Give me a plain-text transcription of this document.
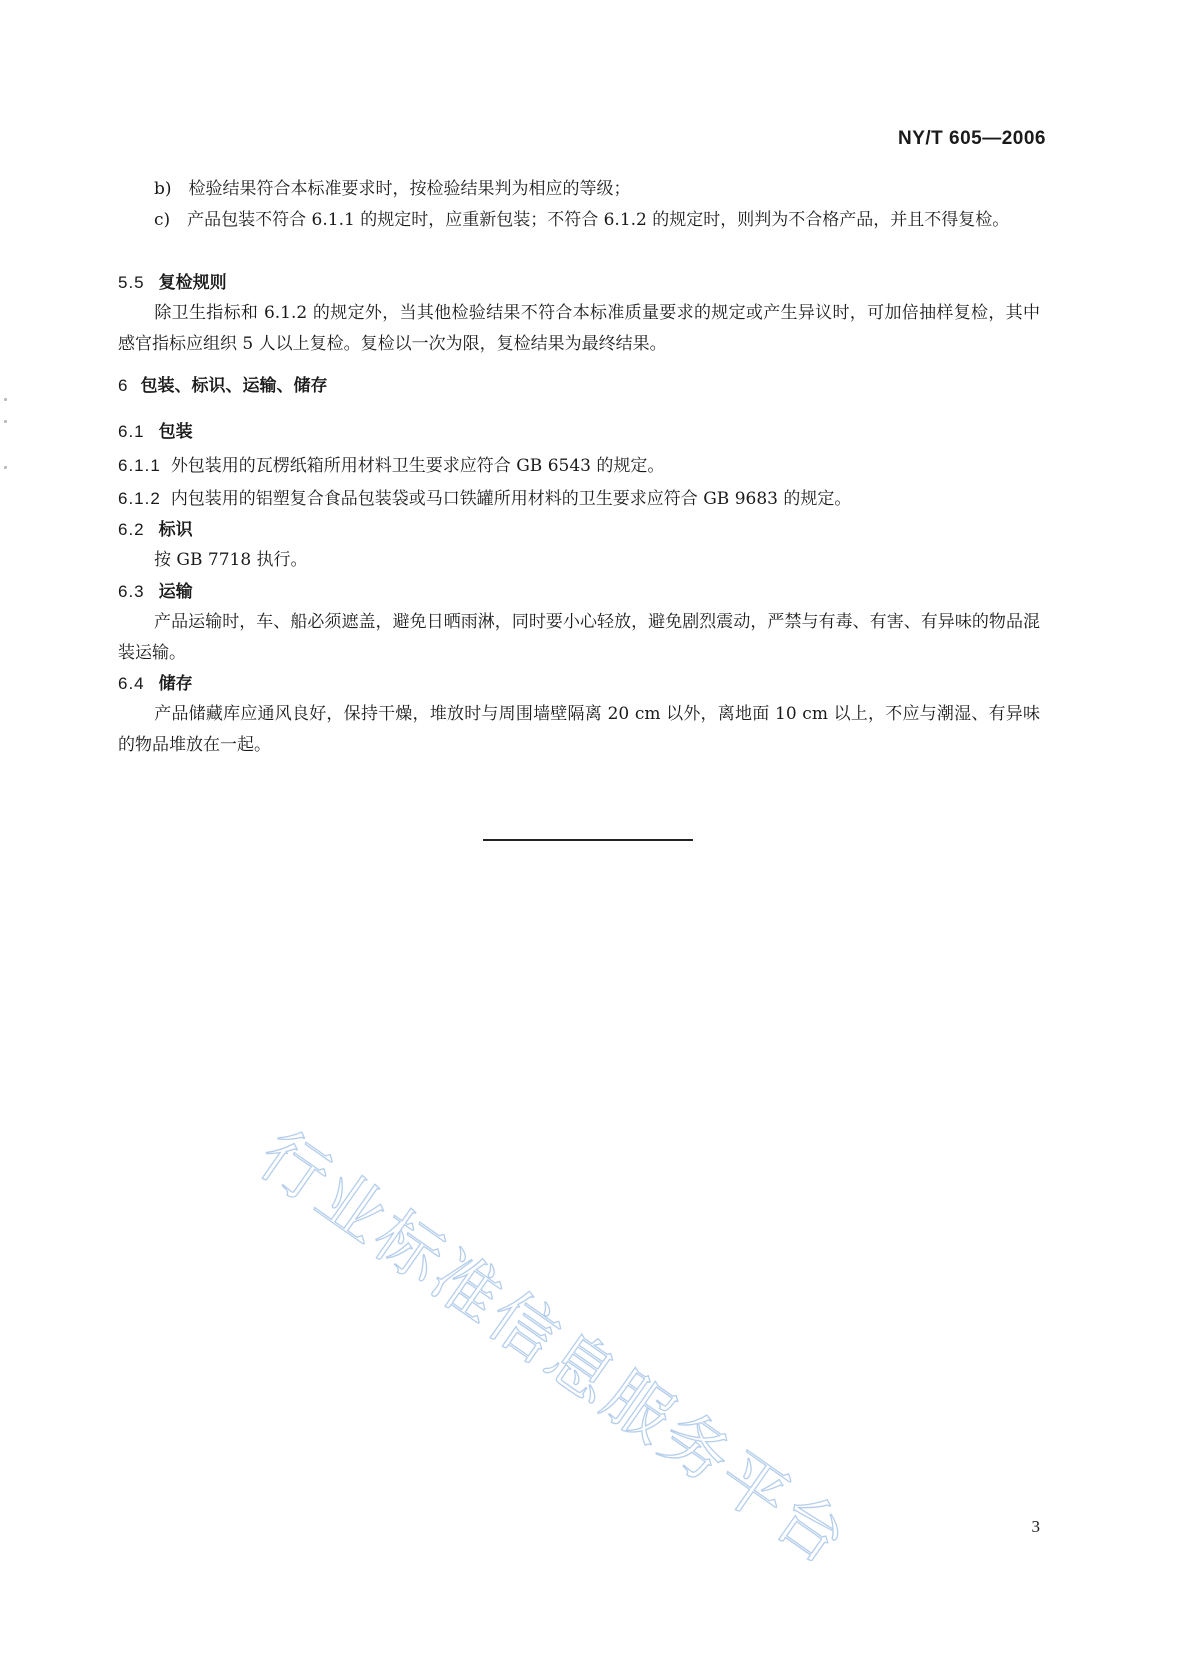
NY/T 605—2006

b)　检验结果符合本标准要求时，按检验结果判为相应的等级；

c)　产品包装不符合 6.1.1 的规定时，应重新包装；不符合 6.1.2 的规定时，则判为不合格产品，并且不得复检。

5.5 复检规则

除卫生指标和 6.1.2 的规定外，当其他检验结果不符合本标准质量要求的规定或产生异议时，可加倍抽样复检，其中感官指标应组织 5 人以上复检。复检以一次为限，复检结果为最终结果。

6 包装、标识、运输、储存

6.1 包装

6.1.1 外包装用的瓦楞纸箱所用材料卫生要求应符合 GB 6543 的规定。

6.1.2 内包装用的铝塑复合食品包装袋或马口铁罐所用材料的卫生要求应符合 GB 9683 的规定。

6.2 标识

按 GB 7718 执行。

6.3 运输

产品运输时，车、船必须遮盖，避免日晒雨淋，同时要小心轻放，避免剧烈震动，严禁与有毒、有害、有异味的物品混装运输。

6.4 储存

产品储藏库应通风良好，保持干燥，堆放时与周围墙壁隔离 20 cm 以外，离地面 10 cm 以上，不应与潮湿、有异味的物品堆放在一起。

行业标准信息服务平台	3
